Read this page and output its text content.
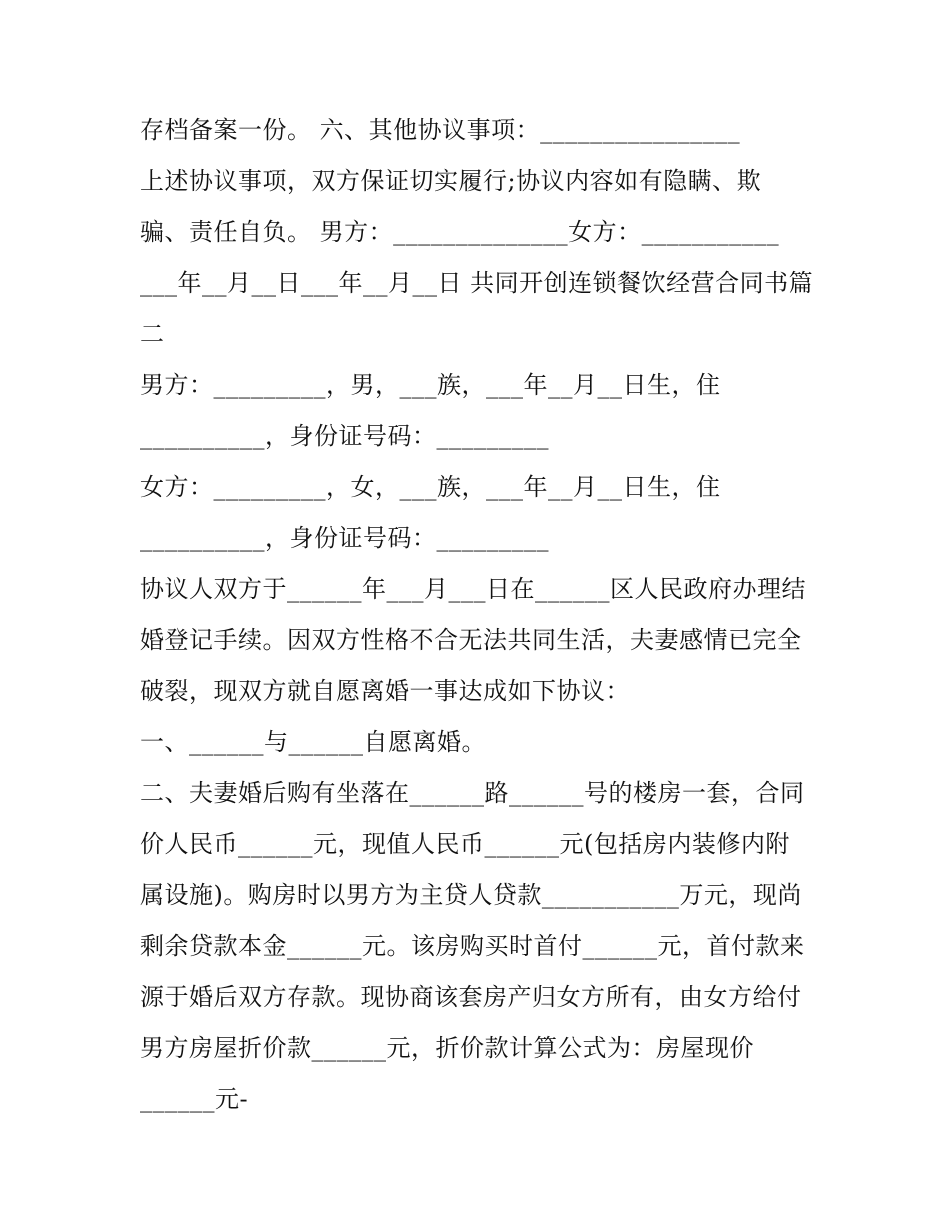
存档备案一份。 六、其他协议事项：________________
上述协议事项，双方保证切实履行;协议内容如有隐瞒、欺
骗、责任自负。 男方：______________女方：___________
___年__月__日___年__月__日 共同开创连锁餐饮经营合同书篇
二
男方：_________，男，___族，___年__月__日生，住
__________，身份证号码：_________
女方：_________，女，___族，___年__月__日生，住
__________，身份证号码：_________
协议人双方于______年___月___日在______区人民政府办理结
婚登记手续。因双方性格不合无法共同生活，夫妻感情已完全
破裂，现双方就自愿离婚一事达成如下协议：
一、______与______自愿离婚。
二、夫妻婚后购有坐落在______路______号的楼房一套，合同
价人民币______元，现值人民币______元(包括房内装修内附
属设施)。购房时以男方为主贷人贷款___________万元，现尚
剩余贷款本金______元。该房购买时首付______元，首付款来
源于婚后双方存款。现协商该套房产归女方所有，由女方给付
男方房屋折价款______元，折价款计算公式为：房屋现价
______元-
